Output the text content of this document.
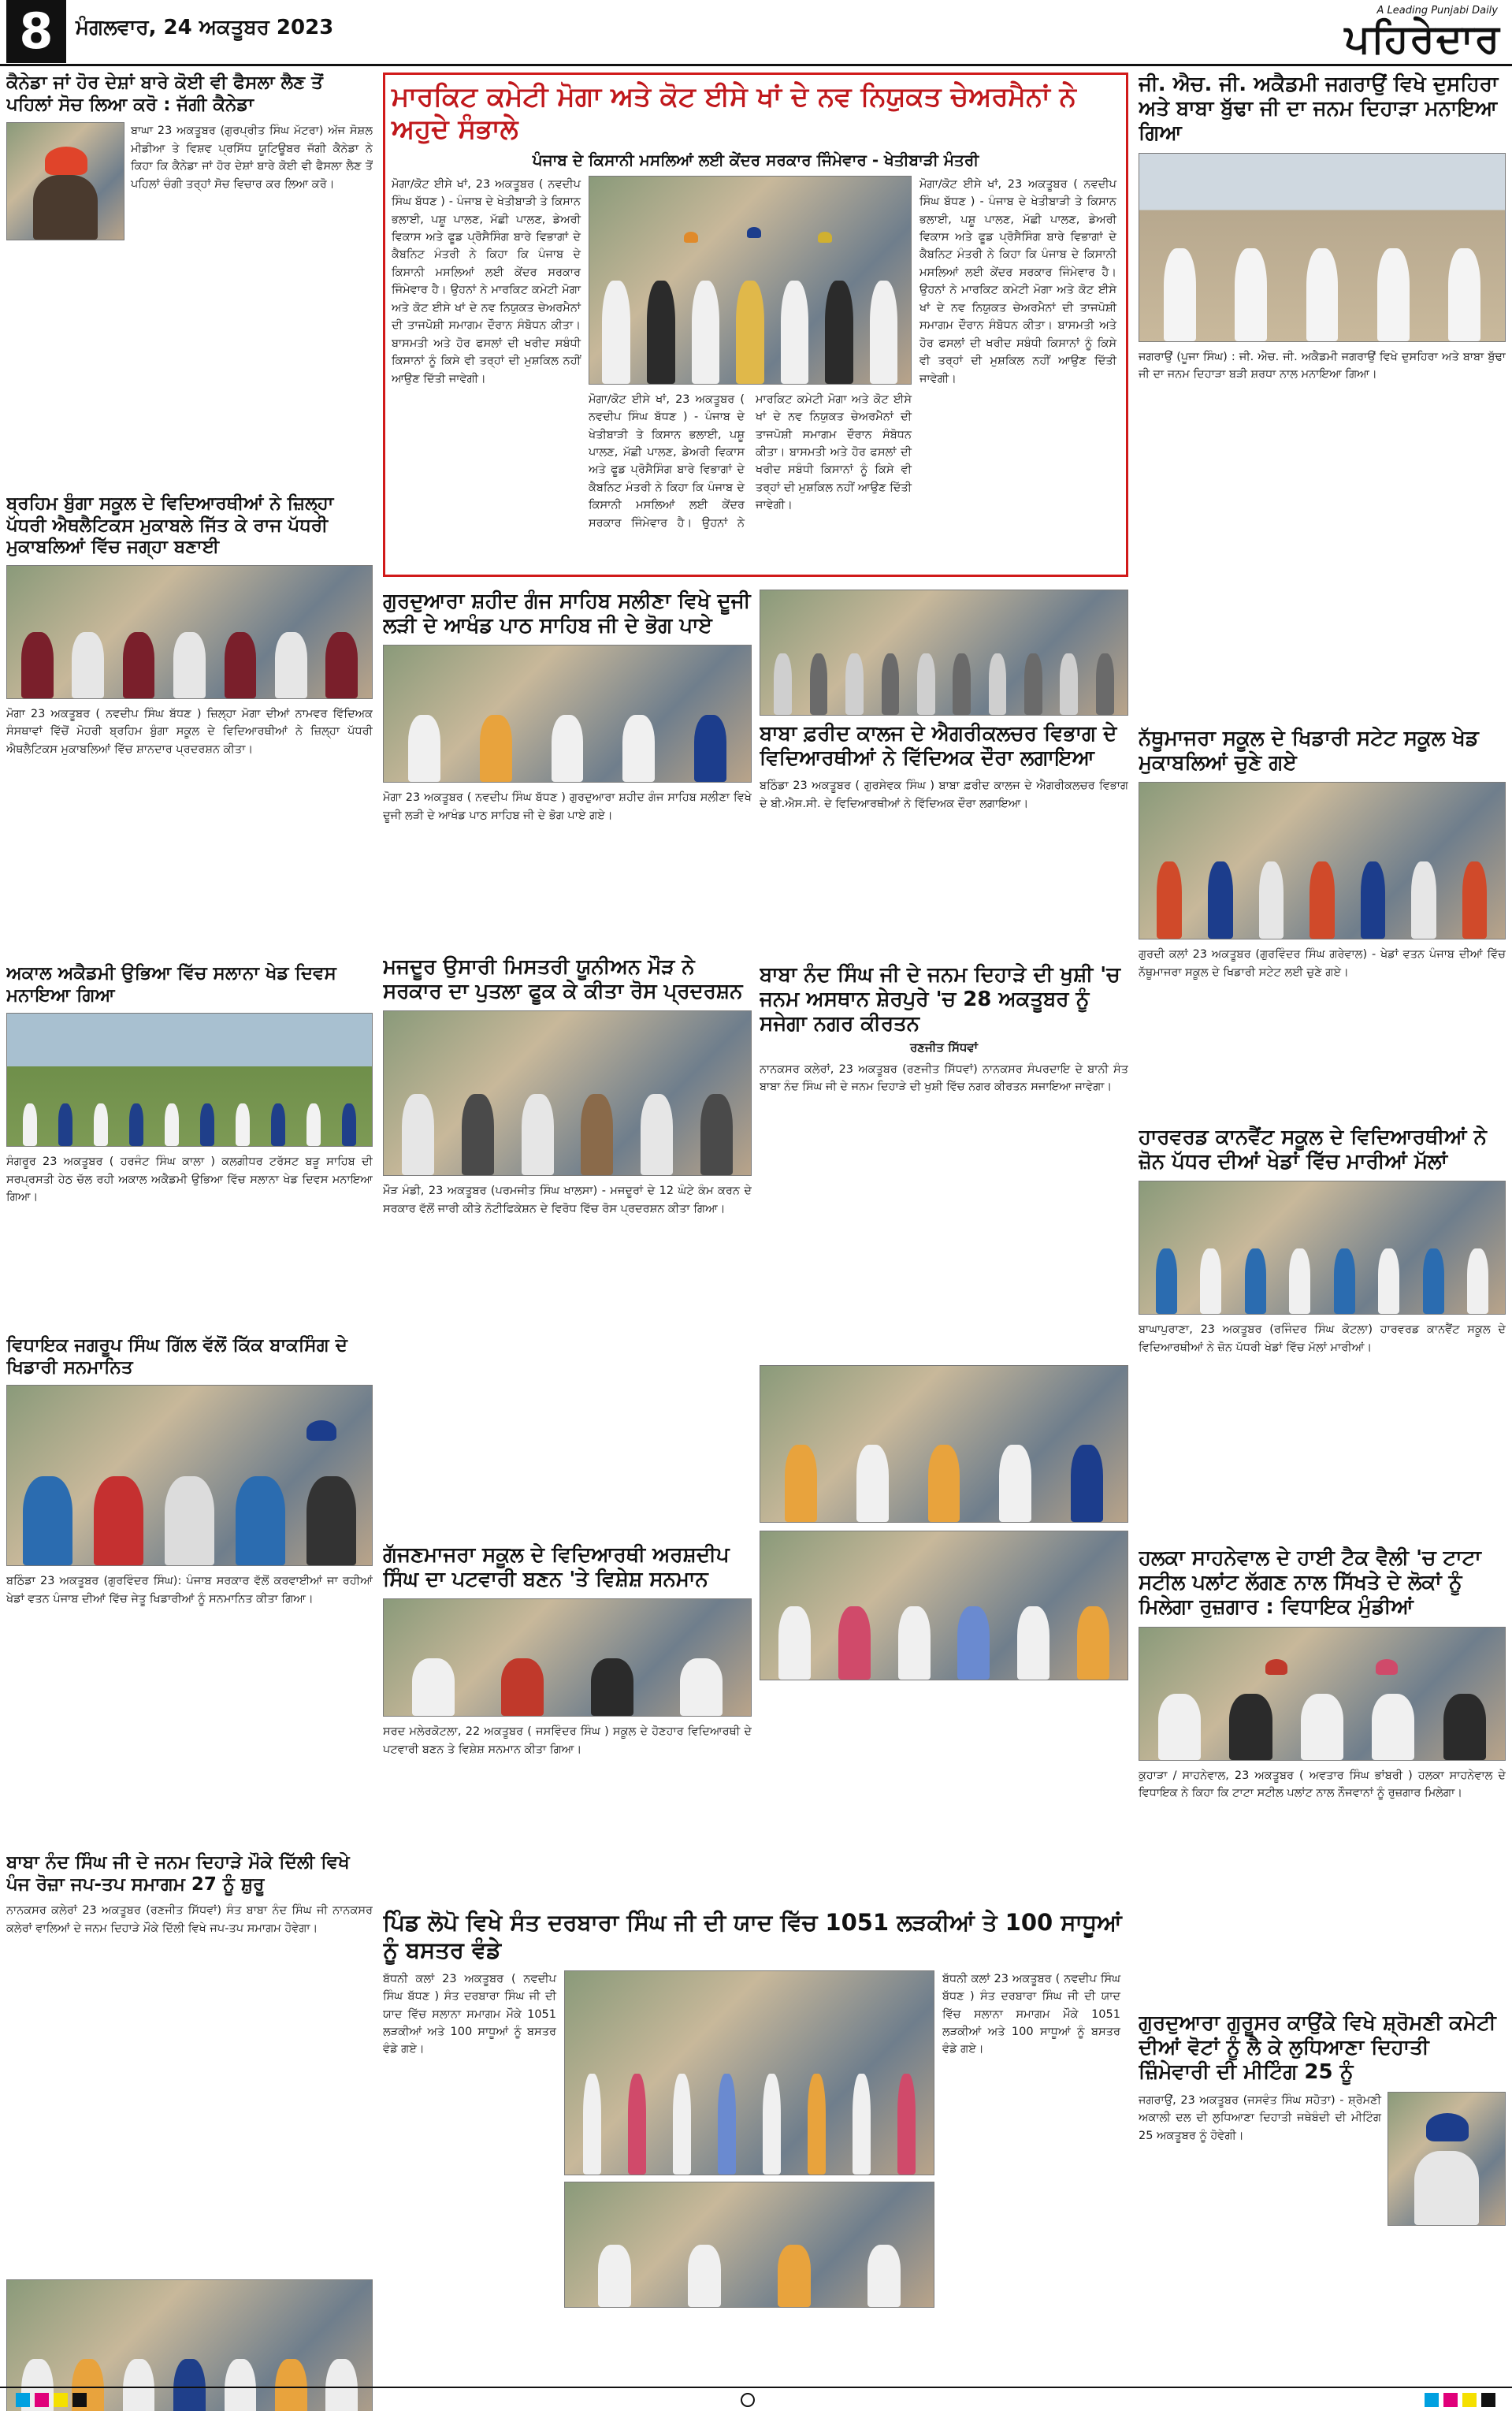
8	ਮੰਗਲਵਾਰ, 24 ਅਕਤੂਬਰ 2023
A Leading Punjabi Daily
ਪਹਿਰੇਦਾਰ
ਕੈਨੇਡਾ ਜਾਂ ਹੋਰ ਦੇਸ਼ਾਂ ਬਾਰੇ ਕੋਈ ਵੀ ਫੈਸਲਾ ਲੈਣ ਤੋਂ ਪਹਿਲਾਂ ਸੋਚ ਲਿਆ ਕਰੋ : ਜੱਗੀ ਕੈਨੇਡਾ
ਬਾਘਾ 23 ਅਕਤੂਬਰ (ਗੁਰਪ੍ਰੀਤ ਸਿੰਘ ਮੱਟਰਾ) ਅੱਜ ਸੋਸ਼ਲ ਮੀਡੀਆ ਤੇ ਵਿਸ਼ਵ ਪ੍ਰਸਿੱਧ ਯੂਟਿਊਬਰ ਜੱਗੀ ਕੈਨੇਡਾ ਨੇ ਕਿਹਾ ਕਿ ਕੈਨੇਡਾ ਜਾਂ ਹੋਰ ਦੇਸ਼ਾਂ ਬਾਰੇ ਕੋਈ ਵੀ ਫੈਸਲਾ ਲੈਣ ਤੋਂ ਪਹਿਲਾਂ ਚੰਗੀ ਤਰ੍ਹਾਂ ਸੋਚ ਵਿਚਾਰ ਕਰ ਲਿਆ ਕਰੋ।
ਬ੍ਰਹਿਮ ਬੁੰਗਾ ਸਕੂਲ ਦੇ ਵਿਦਿਆਰਥੀਆਂ ਨੇ ਜ਼ਿਲ੍ਹਾ ਪੱਧਰੀ ਐਥਲੈਟਿਕਸ ਮੁਕਾਬਲੇ ਜਿੱਤ ਕੇ ਰਾਜ ਪੱਧਰੀ ਮੁਕਾਬਲਿਆਂ ਵਿੱਚ ਜਗ੍ਹਾ ਬਣਾਈ
ਮੋਗਾ 23 ਅਕਤੂਬਰ ( ਨਵਦੀਪ ਸਿੰਘ ਬੱਧਣ ) ਜ਼ਿਲ੍ਹਾ ਮੋਗਾ ਦੀਆਂ ਨਾਮਵਰ ਵਿੱਦਿਅਕ ਸੰਸਥਾਵਾਂ ਵਿੱਚੋਂ ਮੋਹਰੀ ਬ੍ਰਹਿਮ ਬੁੰਗਾ ਸਕੂਲ ਦੇ ਵਿਦਿਆਰਥੀਆਂ ਨੇ ਜ਼ਿਲ੍ਹਾ ਪੱਧਰੀ ਐਥਲੈਟਿਕਸ ਮੁਕਾਬਲਿਆਂ ਵਿੱਚ ਸ਼ਾਨਦਾਰ ਪ੍ਰਦਰਸ਼ਨ ਕੀਤਾ।
ਅਕਾਲ ਅਕੈਡਮੀ ਉਭਿਆ ਵਿੱਚ ਸਲਾਨਾ ਖੇਡ ਦਿਵਸ ਮਨਾਇਆ ਗਿਆ
ਸੰਗਰੂਰ 23 ਅਕਤੂਬਰ ( ਹਰਜੰਟ ਸਿੰਘ ਕਾਲਾ ) ਕਲਗੀਧਰ ਟਰੱਸਟ ਬੜੂ ਸਾਹਿਬ ਦੀ ਸਰਪ੍ਰਸਤੀ ਹੇਠ ਚੱਲ ਰਹੀ ਅਕਾਲ ਅਕੈਡਮੀ ਉਭਿਆ ਵਿੱਚ ਸਲਾਨਾ ਖੇਡ ਦਿਵਸ ਮਨਾਇਆ ਗਿਆ।
ਵਿਧਾਇਕ ਜਗਰੂਪ ਸਿੰਘ ਗਿੱਲ ਵੱਲੋਂ ਕਿੱਕ ਬਾਕਸਿੰਗ ਦੇ ਖਿਡਾਰੀ ਸਨਮਾਨਿਤ
ਬਠਿੰਡਾ 23 ਅਕਤੂਬਰ (ਗੁਰਵਿੰਦਰ ਸਿੰਘ): ਪੰਜਾਬ ਸਰਕਾਰ ਵੱਲੋਂ ਕਰਵਾਈਆਂ ਜਾ ਰਹੀਆਂ ਖੇਡਾਂ ਵਤਨ ਪੰਜਾਬ ਦੀਆਂ ਵਿੱਚ ਜੇਤੂ ਖਿਡਾਰੀਆਂ ਨੂੰ ਸਨਮਾਨਿਤ ਕੀਤਾ ਗਿਆ।
ਬਾਬਾ ਨੰਦ ਸਿੰਘ ਜੀ ਦੇ ਜਨਮ ਦਿਹਾੜੇ ਮੌਕੇ ਦਿੱਲੀ ਵਿਖੇ ਪੰਜ ਰੋਜ਼ਾ ਜਪ-ਤਪ ਸਮਾਗਮ 27 ਨੂੰ ਸ਼ੁਰੂ
ਨਾਨਕਸਰ ਕਲੇਰਾਂ 23 ਅਕਤੂਬਰ (ਰਣਜੀਤ ਸਿੱਧਵਾਂ) ਸੰਤ ਬਾਬਾ ਨੰਦ ਸਿੰਘ ਜੀ ਨਾਨਕਸਰ ਕਲੇਰਾਂ ਵਾਲਿਆਂ ਦੇ ਜਨਮ ਦਿਹਾੜੇ ਮੌਕੇ ਦਿੱਲੀ ਵਿਖੇ ਜਪ-ਤਪ ਸਮਾਗਮ ਹੋਵੇਗਾ।
ਮਾਰਕਿਟ ਕਮੇਟੀ ਮੋਗਾ ਅਤੇ ਕੋਟ ਈਸੇ ਖਾਂ ਦੇ ਨਵ ਨਿਯੁਕਤ ਚੇਅਰਮੈਨਾਂ ਨੇ ਅਹੁਦੇ ਸੰਭਾਲੇ
ਪੰਜਾਬ ਦੇ ਕਿਸਾਨੀ ਮਸਲਿਆਂ ਲਈ ਕੇਂਦਰ ਸਰਕਾਰ ਜਿੰਮੇਵਾਰ - ਖੇਤੀਬਾੜੀ ਮੰਤਰੀ
ਮੋਗਾ/ਕੋਟ ਈਸੇ ਖਾਂ, 23 ਅਕਤੂਬਰ ( ਨਵਦੀਪ ਸਿੰਘ ਬੱਧਣ ) - ਪੰਜਾਬ ਦੇ ਖੇਤੀਬਾੜੀ ਤੇ ਕਿਸਾਨ ਭਲਾਈ, ਪਸ਼ੂ ਪਾਲਣ, ਮੱਛੀ ਪਾਲਣ, ਡੇਅਰੀ ਵਿਕਾਸ ਅਤੇ ਫੂਡ ਪ੍ਰੋਸੈਸਿੰਗ ਬਾਰੇ ਵਿਭਾਗਾਂ ਦੇ ਕੈਬਨਿਟ ਮੰਤਰੀ ਨੇ ਕਿਹਾ ਕਿ ਪੰਜਾਬ ਦੇ ਕਿਸਾਨੀ ਮਸਲਿਆਂ ਲਈ ਕੇਂਦਰ ਸਰਕਾਰ ਜਿੰਮੇਵਾਰ ਹੈ। ਉਹਨਾਂ ਨੇ ਮਾਰਕਿਟ ਕਮੇਟੀ ਮੋਗਾ ਅਤੇ ਕੋਟ ਈਸੇ ਖਾਂ ਦੇ ਨਵ ਨਿਯੁਕਤ ਚੇਅਰਮੈਨਾਂ ਦੀ ਤਾਜਪੋਸ਼ੀ ਸਮਾਗਮ ਦੌਰਾਨ ਸੰਬੋਧਨ ਕੀਤਾ। ਬਾਸਮਤੀ ਅਤੇ ਹੋਰ ਫਸਲਾਂ ਦੀ ਖਰੀਦ ਸਬੰਧੀ ਕਿਸਾਨਾਂ ਨੂੰ ਕਿਸੇ ਵੀ ਤਰ੍ਹਾਂ ਦੀ ਮੁਸ਼ਕਿਲ ਨਹੀਂ ਆਉਣ ਦਿੱਤੀ ਜਾਵੇਗੀ।
ਮੋਗਾ/ਕੋਟ ਈਸੇ ਖਾਂ, 23 ਅਕਤੂਬਰ ( ਨਵਦੀਪ ਸਿੰਘ ਬੱਧਣ ) - ਪੰਜਾਬ ਦੇ ਖੇਤੀਬਾੜੀ ਤੇ ਕਿਸਾਨ ਭਲਾਈ, ਪਸ਼ੂ ਪਾਲਣ, ਮੱਛੀ ਪਾਲਣ, ਡੇਅਰੀ ਵਿਕਾਸ ਅਤੇ ਫੂਡ ਪ੍ਰੋਸੈਸਿੰਗ ਬਾਰੇ ਵਿਭਾਗਾਂ ਦੇ ਕੈਬਨਿਟ ਮੰਤਰੀ ਨੇ ਕਿਹਾ ਕਿ ਪੰਜਾਬ ਦੇ ਕਿਸਾਨੀ ਮਸਲਿਆਂ ਲਈ ਕੇਂਦਰ ਸਰਕਾਰ ਜਿੰਮੇਵਾਰ ਹੈ। ਉਹਨਾਂ ਨੇ ਮਾਰਕਿਟ ਕਮੇਟੀ ਮੋਗਾ ਅਤੇ ਕੋਟ ਈਸੇ ਖਾਂ ਦੇ ਨਵ ਨਿਯੁਕਤ ਚੇਅਰਮੈਨਾਂ ਦੀ ਤਾਜਪੋਸ਼ੀ ਸਮਾਗਮ ਦੌਰਾਨ ਸੰਬੋਧਨ ਕੀਤਾ। ਬਾਸਮਤੀ ਅਤੇ ਹੋਰ ਫਸਲਾਂ ਦੀ ਖਰੀਦ ਸਬੰਧੀ ਕਿਸਾਨਾਂ ਨੂੰ ਕਿਸੇ ਵੀ ਤਰ੍ਹਾਂ ਦੀ ਮੁਸ਼ਕਿਲ ਨਹੀਂ ਆਉਣ ਦਿੱਤੀ ਜਾਵੇਗੀ।
ਮੋਗਾ/ਕੋਟ ਈਸੇ ਖਾਂ, 23 ਅਕਤੂਬਰ ( ਨਵਦੀਪ ਸਿੰਘ ਬੱਧਣ ) - ਪੰਜਾਬ ਦੇ ਖੇਤੀਬਾੜੀ ਤੇ ਕਿਸਾਨ ਭਲਾਈ, ਪਸ਼ੂ ਪਾਲਣ, ਮੱਛੀ ਪਾਲਣ, ਡੇਅਰੀ ਵਿਕਾਸ ਅਤੇ ਫੂਡ ਪ੍ਰੋਸੈਸਿੰਗ ਬਾਰੇ ਵਿਭਾਗਾਂ ਦੇ ਕੈਬਨਿਟ ਮੰਤਰੀ ਨੇ ਕਿਹਾ ਕਿ ਪੰਜਾਬ ਦੇ ਕਿਸਾਨੀ ਮਸਲਿਆਂ ਲਈ ਕੇਂਦਰ ਸਰਕਾਰ ਜਿੰਮੇਵਾਰ ਹੈ। ਉਹਨਾਂ ਨੇ ਮਾਰਕਿਟ ਕਮੇਟੀ ਮੋਗਾ ਅਤੇ ਕੋਟ ਈਸੇ ਖਾਂ ਦੇ ਨਵ ਨਿਯੁਕਤ ਚੇਅਰਮੈਨਾਂ ਦੀ ਤਾਜਪੋਸ਼ੀ ਸਮਾਗਮ ਦੌਰਾਨ ਸੰਬੋਧਨ ਕੀਤਾ। ਬਾਸਮਤੀ ਅਤੇ ਹੋਰ ਫਸਲਾਂ ਦੀ ਖਰੀਦ ਸਬੰਧੀ ਕਿਸਾਨਾਂ ਨੂੰ ਕਿਸੇ ਵੀ ਤਰ੍ਹਾਂ ਦੀ ਮੁਸ਼ਕਿਲ ਨਹੀਂ ਆਉਣ ਦਿੱਤੀ ਜਾਵੇਗੀ।
ਗੁਰਦੁਆਰਾ ਸ਼ਹੀਦ ਗੰਜ ਸਾਹਿਬ ਸਲੀਣਾ ਵਿਖੇ ਦੂਜੀ ਲੜੀ ਦੇ ਆਖੰਡ ਪਾਠ ਸਾਹਿਬ ਜੀ ਦੇ ਭੋਗ ਪਾਏ
ਮੋਗਾ 23 ਅਕਤੂਬਰ ( ਨਵਦੀਪ ਸਿੰਘ ਬੱਧਣ ) ਗੁਰਦੁਆਰਾ ਸ਼ਹੀਦ ਗੰਜ ਸਾਹਿਬ ਸਲੀਣਾ ਵਿਖੇ ਦੂਜੀ ਲੜੀ ਦੇ ਆਖੰਡ ਪਾਠ ਸਾਹਿਬ ਜੀ ਦੇ ਭੋਗ ਪਾਏ ਗਏ।
ਬਾਬਾ ਫ਼ਰੀਦ ਕਾਲਜ ਦੇ ਐਗਰੀਕਲਚਰ ਵਿਭਾਗ ਦੇ ਵਿਦਿਆਰਥੀਆਂ ਨੇ ਵਿੱਦਿਅਕ ਦੌਰਾ ਲਗਾਇਆ
ਬਠਿੰਡਾ 23 ਅਕਤੂਬਰ ( ਗੁਰਸੇਵਕ ਸਿੰਘ ) ਬਾਬਾ ਫ਼ਰੀਦ ਕਾਲਜ ਦੇ ਐਗਰੀਕਲਚਰ ਵਿਭਾਗ ਦੇ ਬੀ.ਐਸ.ਸੀ. ਦੇ ਵਿਦਿਆਰਥੀਆਂ ਨੇ ਵਿੱਦਿਅਕ ਦੌਰਾ ਲਗਾਇਆ।
ਮਜਦੂਰ ਉਸਾਰੀ ਮਿਸਤਰੀ ਯੂਨੀਅਨ ਮੌੜ ਨੇ ਸਰਕਾਰ ਦਾ ਪੁਤਲਾ ਫੂਕ ਕੇ ਕੀਤਾ ਰੋਸ ਪ੍ਰਦਰਸ਼ਨ
ਮੌੜ ਮੰਡੀ, 23 ਅਕਤੂਬਰ (ਪਰਮਜੀਤ ਸਿੰਘ ਖਾਲਸਾ) - ਮਜਦੂਰਾਂ ਦੇ 12 ਘੰਟੇ ਕੰਮ ਕਰਨ ਦੇ ਸਰਕਾਰ ਵੱਲੋਂ ਜਾਰੀ ਕੀਤੇ ਨੋਟੀਫਿਕੇਸ਼ਨ ਦੇ ਵਿਰੋਧ ਵਿੱਚ ਰੋਸ ਪ੍ਰਦਰਸ਼ਨ ਕੀਤਾ ਗਿਆ।
ਬਾਬਾ ਨੰਦ ਸਿੰਘ ਜੀ ਦੇ ਜਨਮ ਦਿਹਾੜੇ ਦੀ ਖੁਸ਼ੀ 'ਚ ਜਨਮ ਅਸਥਾਨ ਸ਼ੇਰਪੁਰੇ 'ਚ 28 ਅਕਤੂਬਰ ਨੂੰ ਸਜੇਗਾ ਨਗਰ ਕੀਰਤਨ
ਰਣਜੀਤ ਸਿੱਧਵਾਂ
ਨਾਨਕਸਰ ਕਲੇਰਾਂ, 23 ਅਕਤੂਬਰ (ਰਣਜੀਤ ਸਿੱਧਵਾਂ) ਨਾਨਕਸਰ ਸੰਪਰਦਾਇ ਦੇ ਬਾਨੀ ਸੰਤ ਬਾਬਾ ਨੰਦ ਸਿੰਘ ਜੀ ਦੇ ਜਨਮ ਦਿਹਾੜੇ ਦੀ ਖੁਸ਼ੀ ਵਿੱਚ ਨਗਰ ਕੀਰਤਨ ਸਜਾਇਆ ਜਾਵੇਗਾ।
ਗੱਜਣਮਾਜਰਾ ਸਕੂਲ ਦੇ ਵਿਦਿਆਰਥੀ ਅਰਸ਼ਦੀਪ ਸਿੰਘ ਦਾ ਪਟਵਾਰੀ ਬਣਨ 'ਤੇ ਵਿਸ਼ੇਸ਼ ਸਨਮਾਨ
ਸਰਦ ਮਲੇਰਕੋਟਲਾ, 22 ਅਕਤੂਬਰ ( ਜਸਵਿੰਦਰ ਸਿੰਘ ) ਸਕੂਲ ਦੇ ਹੋਣਹਾਰ ਵਿਦਿਆਰਥੀ ਦੇ ਪਟਵਾਰੀ ਬਣਨ ਤੇ ਵਿਸ਼ੇਸ਼ ਸਨਮਾਨ ਕੀਤਾ ਗਿਆ।
ਪਿੰਡ ਲੋਪੋ ਵਿਖੇ ਸੰਤ ਦਰਬਾਰਾ ਸਿੰਘ ਜੀ ਦੀ ਯਾਦ ਵਿੱਚ 1051 ਲੜਕੀਆਂ ਤੇ 100 ਸਾਧੂਆਂ ਨੂੰ ਬਸਤਰ ਵੰਡੇ
ਬੱਧਨੀ ਕਲਾਂ 23 ਅਕਤੂਬਰ ( ਨਵਦੀਪ ਸਿੰਘ ਬੱਧਣ ) ਸੰਤ ਦਰਬਾਰਾ ਸਿੰਘ ਜੀ ਦੀ ਯਾਦ ਵਿੱਚ ਸਲਾਨਾ ਸਮਾਗਮ ਮੌਕੇ 1051 ਲੜਕੀਆਂ ਅਤੇ 100 ਸਾਧੂਆਂ ਨੂੰ ਬਸਤਰ ਵੰਡੇ ਗਏ।
ਬੱਧਨੀ ਕਲਾਂ 23 ਅਕਤੂਬਰ ( ਨਵਦੀਪ ਸਿੰਘ ਬੱਧਣ ) ਸੰਤ ਦਰਬਾਰਾ ਸਿੰਘ ਜੀ ਦੀ ਯਾਦ ਵਿੱਚ ਸਲਾਨਾ ਸਮਾਗਮ ਮੌਕੇ 1051 ਲੜਕੀਆਂ ਅਤੇ 100 ਸਾਧੂਆਂ ਨੂੰ ਬਸਤਰ ਵੰਡੇ ਗਏ।
ਜੀ. ਐਚ. ਜੀ. ਅਕੈਡਮੀ ਜਗਰਾਉਂ ਵਿਖੇ ਦੁਸਹਿਰਾ ਅਤੇ ਬਾਬਾ ਬੁੱਢਾ ਜੀ ਦਾ ਜਨਮ ਦਿਹਾੜਾ ਮਨਾਇਆ ਗਿਆ
ਜਗਰਾਉਂ (ਪੂਜਾ ਸਿੰਘ) : ਜੀ. ਐਚ. ਜੀ. ਅਕੈਡਮੀ ਜਗਰਾਉਂ ਵਿਖੇ ਦੁਸਹਿਰਾ ਅਤੇ ਬਾਬਾ ਬੁੱਢਾ ਜੀ ਦਾ ਜਨਮ ਦਿਹਾੜਾ ਬੜੀ ਸ਼ਰਧਾ ਨਾਲ ਮਨਾਇਆ ਗਿਆ।
ਨੱਥੂਮਾਜਰਾ ਸਕੂਲ ਦੇ ਖਿਡਾਰੀ ਸਟੇਟ ਸਕੂਲ ਖੇਡ ਮੁਕਾਬਲਿਆਂ ਚੁਣੇ ਗਏ
ਗੁਰਦੀ ਕਲਾਂ 23 ਅਕਤੂਬਰ (ਗੁਰਵਿੰਦਰ ਸਿੰਘ ਗਰੇਵਾਲ) - ਖੇਡਾਂ ਵਤਨ ਪੰਜਾਬ ਦੀਆਂ ਵਿੱਚ ਨੱਥੂਮਾਜਰਾ ਸਕੂਲ ਦੇ ਖਿਡਾਰੀ ਸਟੇਟ ਲਈ ਚੁਣੇ ਗਏ।
ਹਾਰਵਰਡ ਕਾਨਵੈਂਟ ਸਕੂਲ ਦੇ ਵਿਦਿਆਰਥੀਆਂ ਨੇ ਜ਼ੋਨ ਪੱਧਰ ਦੀਆਂ ਖੇਡਾਂ ਵਿੱਚ ਮਾਰੀਆਂ ਮੱਲਾਂ
ਬਾਘਾਪੁਰਾਣਾ, 23 ਅਕਤੂਬਰ (ਰਜਿੰਦਰ ਸਿੰਘ ਕੋਟਲਾ) ਹਾਰਵਰਡ ਕਾਨਵੈਂਟ ਸਕੂਲ ਦੇ ਵਿਦਿਆਰਥੀਆਂ ਨੇ ਜ਼ੋਨ ਪੱਧਰੀ ਖੇਡਾਂ ਵਿੱਚ ਮੱਲਾਂ ਮਾਰੀਆਂ।
ਹਲਕਾ ਸਾਹਨੇਵਾਲ ਦੇ ਹਾਈ ਟੈਕ ਵੈਲੀ 'ਚ ਟਾਟਾ ਸਟੀਲ ਪਲਾਂਟ ਲੱਗਣ ਨਾਲ ਸਿੱਖਤੇ ਦੇ ਲੋਕਾਂ ਨੂੰ ਮਿਲੇਗਾ ਰੁਜ਼ਗਾਰ : ਵਿਧਾਇਕ ਮੁੰਡੀਆਂ
ਕੁਹਾੜਾ / ਸਾਹਨੇਵਾਲ, 23 ਅਕਤੂਬਰ ( ਅਵਤਾਰ ਸਿੰਘ ਭਾਂਬਰੀ ) ਹਲਕਾ ਸਾਹਨੇਵਾਲ ਦੇ ਵਿਧਾਇਕ ਨੇ ਕਿਹਾ ਕਿ ਟਾਟਾ ਸਟੀਲ ਪਲਾਂਟ ਨਾਲ ਨੌਜਵਾਨਾਂ ਨੂੰ ਰੁਜ਼ਗਾਰ ਮਿਲੇਗਾ।
ਗੁਰਦੁਆਰਾ ਗੁਰੂਸਰ ਕਾਉਂਕੇ ਵਿਖੇ ਸ਼੍ਰੋਮਣੀ ਕਮੇਟੀ ਦੀਆਂ ਵੋਟਾਂ ਨੂੰ ਲੈ ਕੇ ਲੁਧਿਆਣਾ ਦਿਹਾਤੀ ਜ਼ਿੰਮੇਵਾਰੀ ਦੀ ਮੀਟਿੰਗ 25 ਨੂੰ
ਜਗਰਾਉਂ, 23 ਅਕਤੂਬਰ (ਜਸਵੰਤ ਸਿੰਘ ਸਹੋਤਾ) - ਸ਼੍ਰੋਮਣੀ ਅਕਾਲੀ ਦਲ ਦੀ ਲੁਧਿਆਣਾ ਦਿਹਾਤੀ ਜਥੇਬੰਦੀ ਦੀ ਮੀਟਿੰਗ 25 ਅਕਤੂਬਰ ਨੂੰ ਹੋਵੇਗੀ।
